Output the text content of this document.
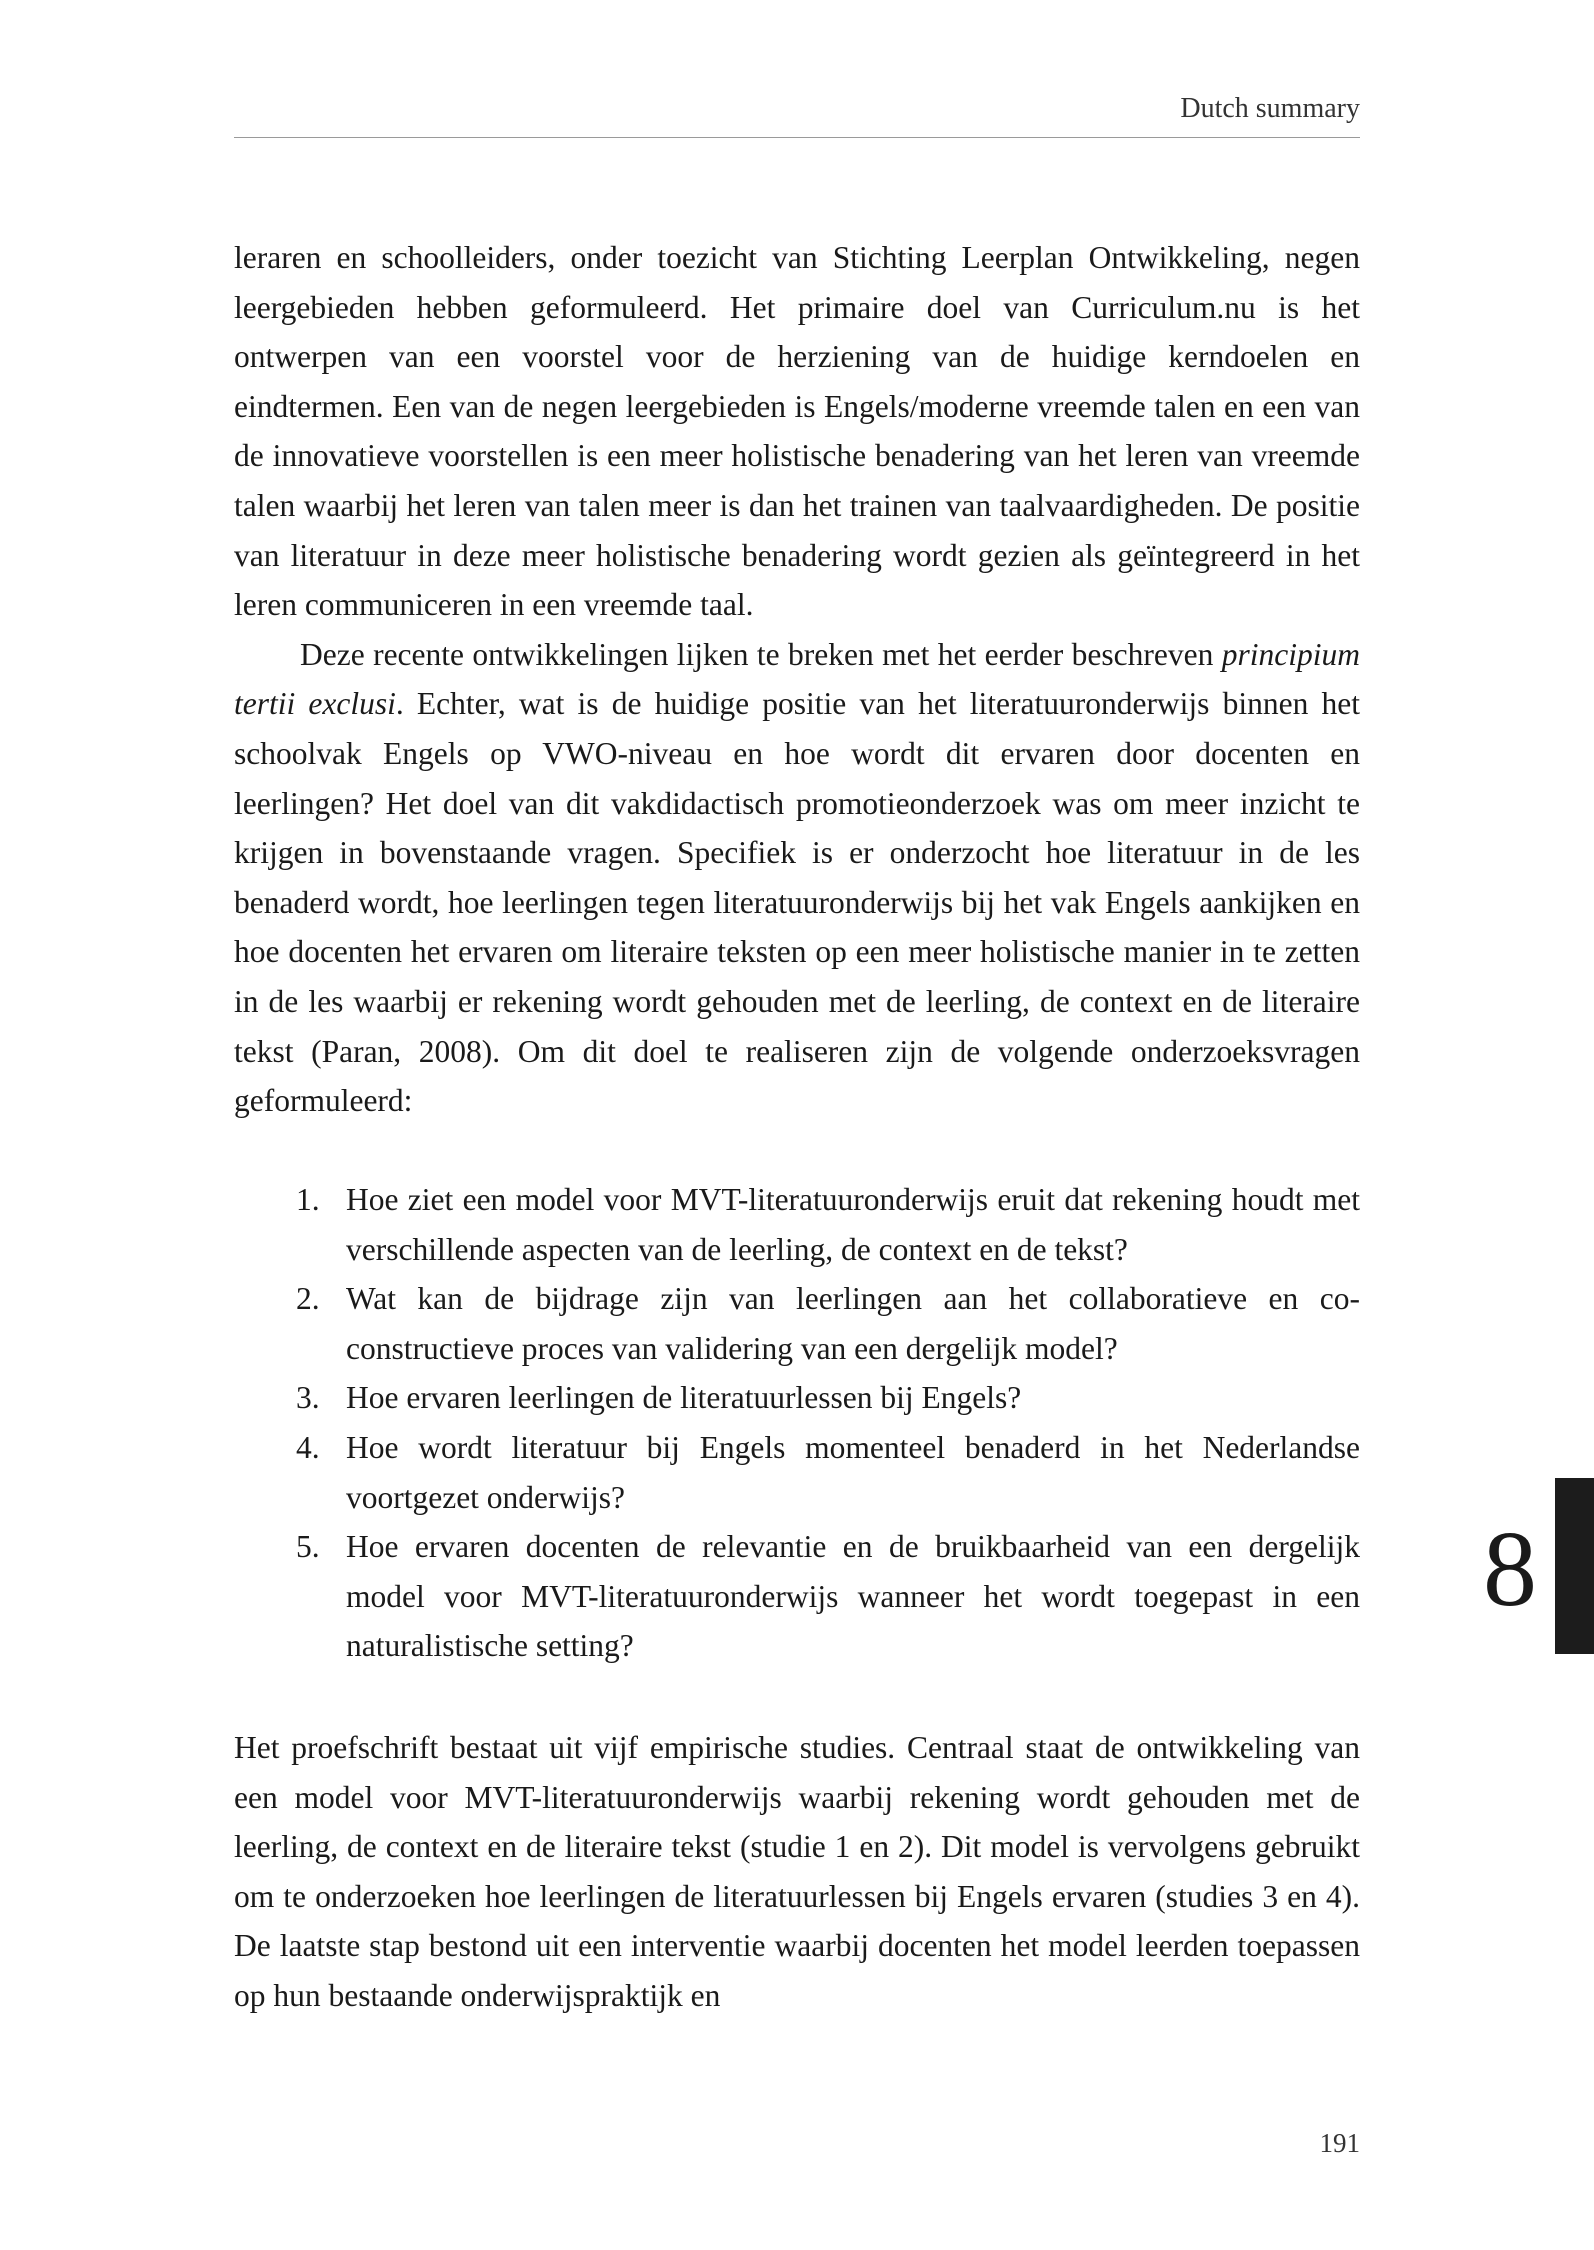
Dutch summary

leraren en schoolleiders, onder toezicht van Stichting Leerplan Ontwikkeling, negen leergebieden hebben geformuleerd. Het primaire doel van Curriculum.nu is het ontwerpen van een voorstel voor de herziening van de huidige kerndoelen en eindtermen. Een van de negen leergebieden is Engels/moderne vreemde talen en een van de innovatieve voorstellen is een meer holistische benadering van het leren van vreemde talen waarbij het leren van talen meer is dan het trainen van taalvaardigheden. De positie van literatuur in deze meer holistische benadering wordt gezien als geïntegreerd in het leren communiceren in een vreemde taal.

Deze recente ontwikkelingen lijken te breken met het eerder beschreven principium tertii exclusi. Echter, wat is de huidige positie van het literatuuronderwijs binnen het schoolvak Engels op VWO-niveau en hoe wordt dit ervaren door docenten en leerlingen? Het doel van dit vakdidactisch promotieonderzoek was om meer inzicht te krijgen in bovenstaande vragen. Specifiek is er onderzocht hoe literatuur in de les benaderd wordt, hoe leerlingen tegen literatuuronderwijs bij het vak Engels aankijken en hoe docenten het ervaren om literaire teksten op een meer holistische manier in te zetten in de les waarbij er rekening wordt gehouden met de leerling, de context en de literaire tekst (Paran, 2008). Om dit doel te realiseren zijn de volgende onderzoeksvragen geformuleerd:

1. Hoe ziet een model voor MVT-literatuuronderwijs eruit dat rekening houdt met verschillende aspecten van de leerling, de context en de tekst?
2. Wat kan de bijdrage zijn van leerlingen aan het collaboratieve en co-constructieve proces van validering van een dergelijk model?
3. Hoe ervaren leerlingen de literatuurlessen bij Engels?
4. Hoe wordt literatuur bij Engels momenteel benaderd in het Nederlandse voortgezet onderwijs?
5. Hoe ervaren docenten de relevantie en de bruikbaarheid van een dergelijk model voor MVT-literatuuronderwijs wanneer het wordt toegepast in een naturalistische setting?

Het proefschrift bestaat uit vijf empirische studies. Centraal staat de ontwikkeling van een model voor MVT-literatuuronderwijs waarbij rekening wordt gehouden met de leerling, de context en de literaire tekst (studie 1 en 2). Dit model is vervolgens gebruikt om te onderzoeken hoe leerlingen de literatuurlessen bij Engels ervaren (studies 3 en 4). De laatste stap bestond uit een interventie waarbij docenten het model leerden toepassen op hun bestaande onderwijspraktijk en

8
191
